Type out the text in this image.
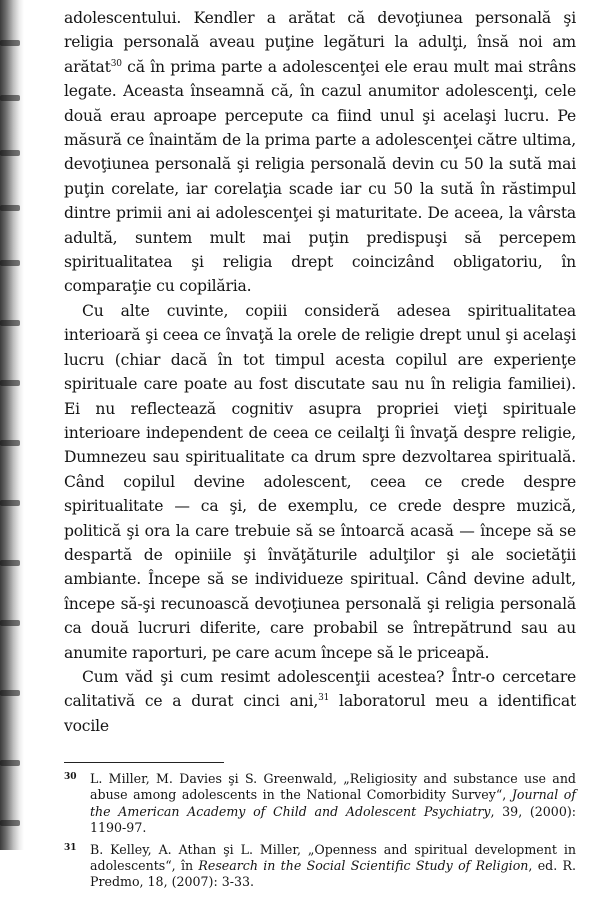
adolescentului. Kendler a arătat că devoţiunea personală şi religia personală aveau puţine legături la adulţi, însă noi am arătat$^{30}$ că în prima parte a adolescenţei ele erau mult mai strâns legate. Aceasta înseamnă că, în cazul anumitor adolescenţi, cele două erau aproape percepute ca fiind unul şi acelaşi lucru. Pe măsură ce înaintăm de la prima parte a adolescenţei către ultima, devoţiunea personală şi religia personală devin cu 50 la sută mai puţin corelate, iar corelaţia scade iar cu 50 la sută în răstimpul dintre primii ani ai adolescenţei şi maturitate. De aceea, la vârsta adultă, suntem mult mai puţin predispuşi să percepem spiritualitatea şi religia drept coincizând obligatoriu, în comparaţie cu copilăria.

Cu alte cuvinte, copiii consideră adesea spiritualitatea interioară şi ceea ce învaţă la orele de religie drept unul şi acelaşi lucru (chiar dacă în tot timpul acesta copilul are experienţe spirituale care poate au fost discutate sau nu în religia familiei). Ei nu reflectează cognitiv asupra propriei vieţi spirituale interioare independent de ceea ce ceilalţi îi învaţă despre religie, Dumnezeu sau spiritualitate ca drum spre dezvoltarea spirituală. Când copilul devine adolescent, ceea ce crede despre spiritualitate — ca şi, de exemplu, ce crede despre muzică, politică şi ora la care trebuie să se întoarcă acasă — începe să se despartă de opiniile şi învăţăturile adulţilor şi ale societăţii ambiante. Începe să se individueze spiritual. Când devine adult, începe să-şi recunoască devoţiunea personală şi religia personală ca două lucruri diferite, care probabil se întrepătrund sau au anumite raporturi, pe care acum începe să le priceapă.

Cum văd şi cum resimt adolescenţii acestea? Într-o cercetare calitativă ce a durat cinci ani,$^{31}$ laboratorul meu a identificat vocile

30 L. Miller, M. Davies şi S. Greenwald, „Religiosity and substance use and abuse among adolescents in the National Comorbidity Survey“, Journal of the American Academy of Child and Adolescent Psychiatry, 39, (2000): 1190-97.

31 B. Kelley, A. Athan şi L. Miller, „Openness and spiritual development in adolescents“, în Research in the Social Scientific Study of Religion, ed. R. Predmo, 18, (2007): 3-33.
